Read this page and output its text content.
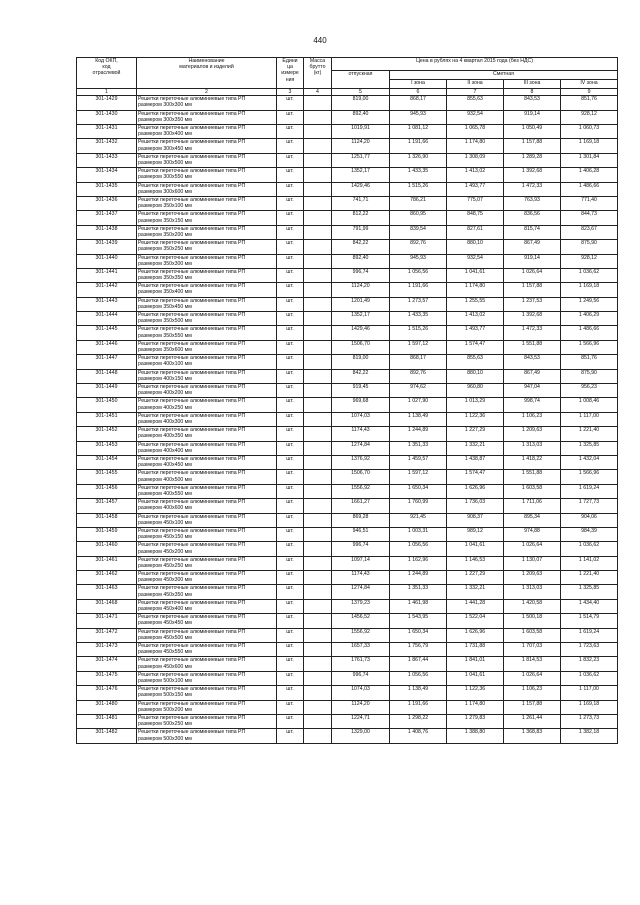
440
Код ОКП,
код
отраслевой	Наименование
материалов и изделий	Едини
ца
измере
ния	Масса
брутто
(кг)	Цена в рублях на 4 квартал 2015 года (без НДС)				
				отпускная	Сметная			
					I зона	II зона	III зона	IV зона
1	2	3	4	5	6	7	8	9
301-1429	Решетки переточные алюминиевые типа РП
размером 300х300 мм	шт.		819,00	868,17	855,63	843,53	851,76
301-1430	Решетки переточные алюминиевые типа РП
размером 300х350 мм	шт.		892,40	945,93	932,54	919,14	928,12
301-1431	Решетки переточные алюминиевые типа РП
размером 300х400 мм	шт.		1019,91	1 081,12	1 065,78	1 050,49	1 060,73
301-1432	Решетки переточные алюминиевые типа РП
размером 300х450 мм	шт.		1124,20	1 191,66	1 174,80	1 157,88	1 169,18
301-1433	Решетки переточные алюминиевые типа РП
размером 300х500 мм	шт.		1251,77	1 326,90	1 308,09	1 289,28	1 301,84
301-1434	Решетки переточные алюминиевые типа РП
размером 300х550 мм	шт.		1352,17	1 433,35	1 413,02	1 392,68	1 406,28
301-1435	Решетки переточные алюминиевые типа РП
размером 300х600 мм	шт.		1429,46	1 515,26	1 493,77	1 472,33	1 486,66
301-1436	Решетки переточные алюминиевые типа РП
размером 350х100 мм	шт.		741,71	786,21	775,07	763,93	771,40
301-1437	Решетки переточные алюминиевые типа РП
размером 350х150 мм	шт.		812,22	860,95	848,75	836,56	844,73
301-1438	Решетки переточные алюминиевые типа РП
размером 350х200 мм	шт.		791,99	839,54	827,61	815,74	823,67
301-1439	Решетки переточные алюминиевые типа РП
размером 350х250 мм	шт.		842,22	892,76	880,10	867,49	875,90
301-1440	Решетки переточные алюминиевые типа РП
размером 350х300 мм	шт.		892,40	945,93	932,54	919,14	928,12
301-1441	Решетки переточные алюминиевые типа РП
размером 350х350 мм	шт.		996,74	1 056,56	1 041,61	1 026,64	1 036,62
301-1442	Решетки переточные алюминиевые типа РП
размером 350х400 мм	шт.		1124,20	1 191,66	1 174,80	1 157,88	1 169,18
301-1443	Решетки переточные алюминиевые типа РП
размером 350х450 мм	шт.		1201,49	1 273,57	1 255,55	1 237,53	1 249,56
301-1444	Решетки переточные алюминиевые типа РП
размером 350х500 мм	шт.		1352,17	1 433,35	1 413,02	1 392,68	1 406,29
301-1445	Решетки переточные алюминиевые типа РП
размером 350х550 мм	шт.		1429,46	1 515,26	1 493,77	1 472,33	1 486,66
301-1446	Решетки переточные алюминиевые типа РП
размером 350х600 мм	шт.		1506,70	1 597,12	1 574,47	1 551,88	1 566,96
301-1447	Решетки переточные алюминиевые типа РП
размером 400х100 мм	шт.		819,00	868,17	855,63	843,53	851,76
301-1448	Решетки переточные алюминиевые типа РП
размером 400х150 мм	шт.		842,22	892,76	880,10	867,49	875,90
301-1449	Решетки переточные алюминиевые типа РП
размером 400х200 мм	шт.		919,45	974,62	960,80	947,04	956,23
301-1450	Решетки переточные алюминиевые типа РП
размером 400х250 мм	шт.		969,68	1 027,90	1 013,29	998,74	1 008,46
301-1451	Решетки переточные алюминиевые типа РП
размером 400х300 мм	шт.		1074,03	1 138,49	1 122,36	1 106,23	1 117,00
301-1452	Решетки переточные алюминиевые типа РП
размером 400х350 мм	шт.		1174,43	1 244,89	1 227,29	1 209,63	1 221,40
301-1453	Решетки переточные алюминиевые типа РП
размером 400х400 мм	шт.		1274,84	1 351,33	1 332,21	1 313,03	1 325,85
301-1454	Решетки переточные алюминиевые типа РП
размером 400х450 мм	шт.		1376,92	1 459,57	1 438,87	1 418,22	1 432,04
301-1455	Решетки переточные алюминиевые типа РП
размером 400х500 мм	шт.		1506,70	1 597,12	1 574,47	1 551,88	1 566,96
301-1456	Решетки переточные алюминиевые типа РП
размером 400х550 мм	шт.		1556,92	1 650,34	1 626,96	1 603,58	1 619,24
301-1457	Решетки переточные алюминиевые типа РП
размером 400х600 мм	шт.		1661,27	1 760,99	1 736,03	1 711,06	1 727,73
301-1458	Решетки переточные алюминиевые типа РП
размером 450х100 мм	шт.		869,28	921,45	908,37	895,34	904,06
301-1459	Решетки переточные алюминиевые типа РП
размером 450х150 мм	шт.		946,51	1 003,31	989,12	974,88	984,39
301-1460	Решетки переточные алюминиевые типа РП
размером 450х200 мм	шт.		996,74	1 056,56	1 041,61	1 026,64	1 036,62
301-1461	Решетки переточные алюминиевые типа РП
размером 450х250 мм	шт.		1097,14	1 162,96	1 146,53	1 130,07	1 141,02
301-1462	Решетки переточные алюминиевые типа РП
размером 450х300 мм	шт.		1174,43	1 244,89	1 227,29	1 209,63	1 221,40
301-1463	Решетки переточные алюминиевые типа РП
размером 450х350 мм	шт.		1274,84	1 351,33	1 332,21	1 313,03	1 325,85
301-1468	Решетки переточные алюминиевые типа РП
размером 450х400 мм	шт.		1379,23	1 461,98	1 441,28	1 420,58	1 434,40
301-1471	Решетки переточные алюминиевые типа РП
размером 450х450 мм	шт.		1456,52	1 543,95	1 522,04	1 500,18	1 514,79
301-1472	Решетки переточные алюминиевые типа РП
размером 450х500 мм	шт.		1556,92	1 650,34	1 626,96	1 603,58	1 619,24
301-1473	Решетки переточные алюминиевые типа РП
размером 450х550 мм	шт.		1657,33	1 756,79	1 731,88	1 707,03	1 723,63
301-1474	Решетки переточные алюминиевые типа РП
размером 450х600 мм	шт.		1761,73	1 867,44	1 841,01	1 814,53	1 832,23
301-1475	Решетки переточные алюминиевые типа РП
размером 500х100 мм	шт.		996,74	1 056,56	1 041,61	1 026,64	1 036,62
301-1476	Решетки переточные алюминиевые типа РП
размером 500х150 мм	шт.		1074,03	1 138,49	1 122,36	1 106,23	1 117,00
301-1480	Решетки переточные алюминиевые типа РП
размером 500х200 мм	шт.		1124,20	1 191,66	1 174,80	1 157,88	1 169,18
301-1481	Решетки переточные алюминиевые типа РП
размером 500х250 мм	шт.		1224,71	1 298,22	1 279,83	1 261,44	1 273,73
301-1482	Решетки переточные алюминиевые типа РП
размером 500х300 мм	шт.		1329,00	1 408,76	1 388,80	1 368,83	1 382,18
